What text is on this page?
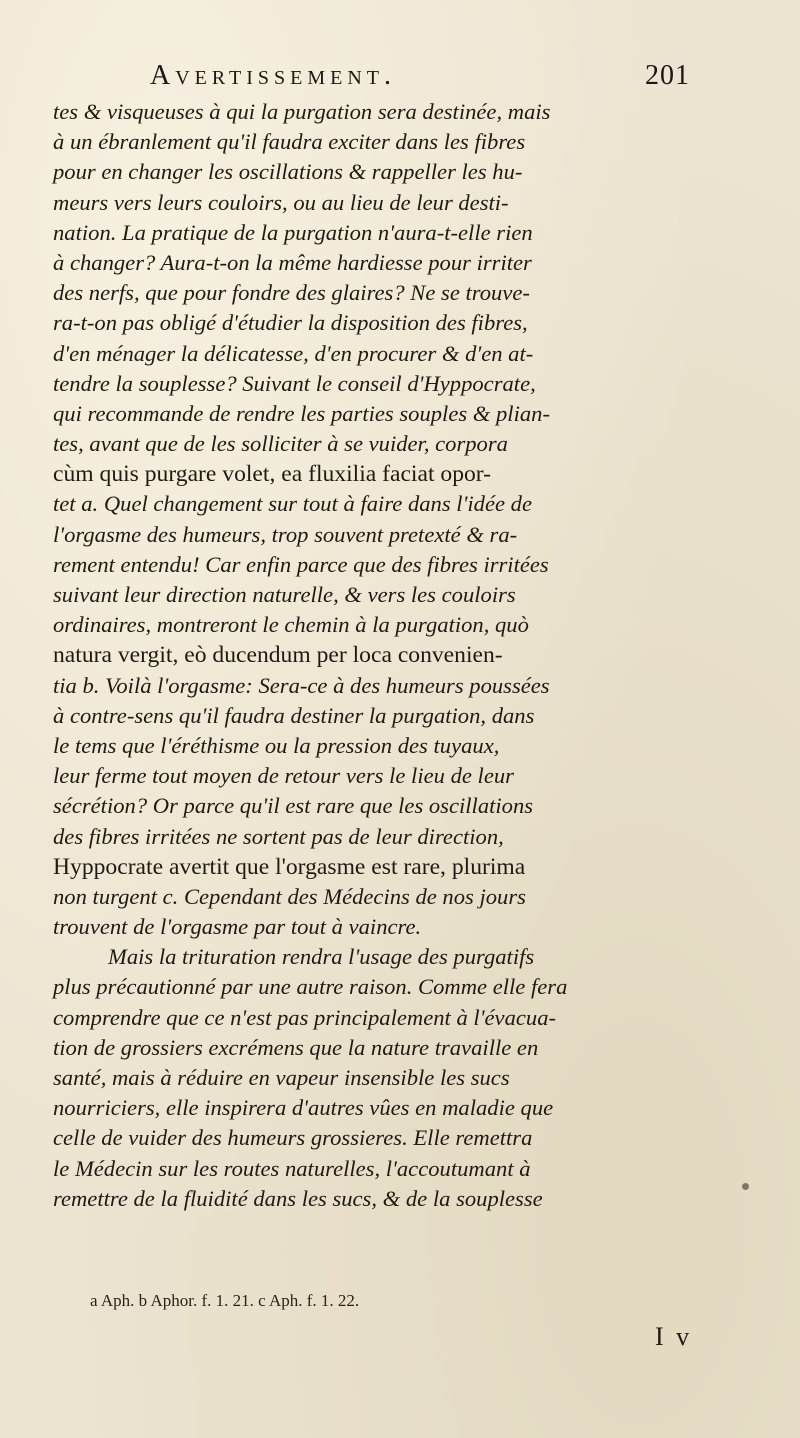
Avertissement.	201
tes & visqueuses à qui la purgation sera destinée, mais
à un ébranlement qu'il faudra exciter dans les fibres
pour en changer les oscillations & rappeller les hu-
meurs vers leurs couloirs, ou au lieu de leur desti-
nation. La pratique de la purgation n'aura-t-elle rien
à changer? Aura-t-on la même hardiesse pour irriter
des nerfs, que pour fondre des glaires? Ne se trouve-
ra-t-on pas obligé d'étudier la disposition des fibres,
d'en ménager la délicatesse, d'en procurer & d'en at-
tendre la souplesse? Suivant le conseil d'Hyppocrate,
qui recommande de rendre les parties souples & plian-
tes, avant que de les solliciter à se vuider, corpora
cùm quis purgare volet, ea fluxilia faciat opor-
tet a. Quel changement sur tout à faire dans l'idée de
l'orgasme des humeurs, trop souvent pretexté & ra-
rement entendu! Car enfin parce que des fibres irritées
suivant leur direction naturelle, & vers les couloirs
ordinaires, montreront le chemin à la purgation, quò
natura vergit, eò ducendum per loca convenien-
tia b. Voilà l'orgasme: Sera-ce à des humeurs poussées
à contre-sens qu'il faudra destiner la purgation, dans
le tems que l'éréthisme ou la pression des tuyaux,
leur ferme tout moyen de retour vers le lieu de leur
sécrétion? Or parce qu'il est rare que les oscillations
des fibres irritées ne sortent pas de leur direction,
Hyppocrate avertit que l'orgasme est rare, plurima
non turgent c. Cependant des Médecins de nos jours
trouvent de l'orgasme par tout à vaincre.
Mais la trituration rendra l'usage des purgatifs
plus précautionné par une autre raison. Comme elle fera
comprendre que ce n'est pas principalement à l'évacua-
tion de grossiers excrémens que la nature travaille en
santé, mais à réduire en vapeur insensible les sucs
nourriciers, elle inspirera d'autres vûes en maladie que
celle de vuider des humeurs grossieres. Elle remettra
le Médecin sur les routes naturelles, l'accoutumant à
remettre de la fluidité dans les sucs, & de la souplesse
a Aph. b Aphor. f. 1. 21. c Aph. f. 1. 22.
I v
